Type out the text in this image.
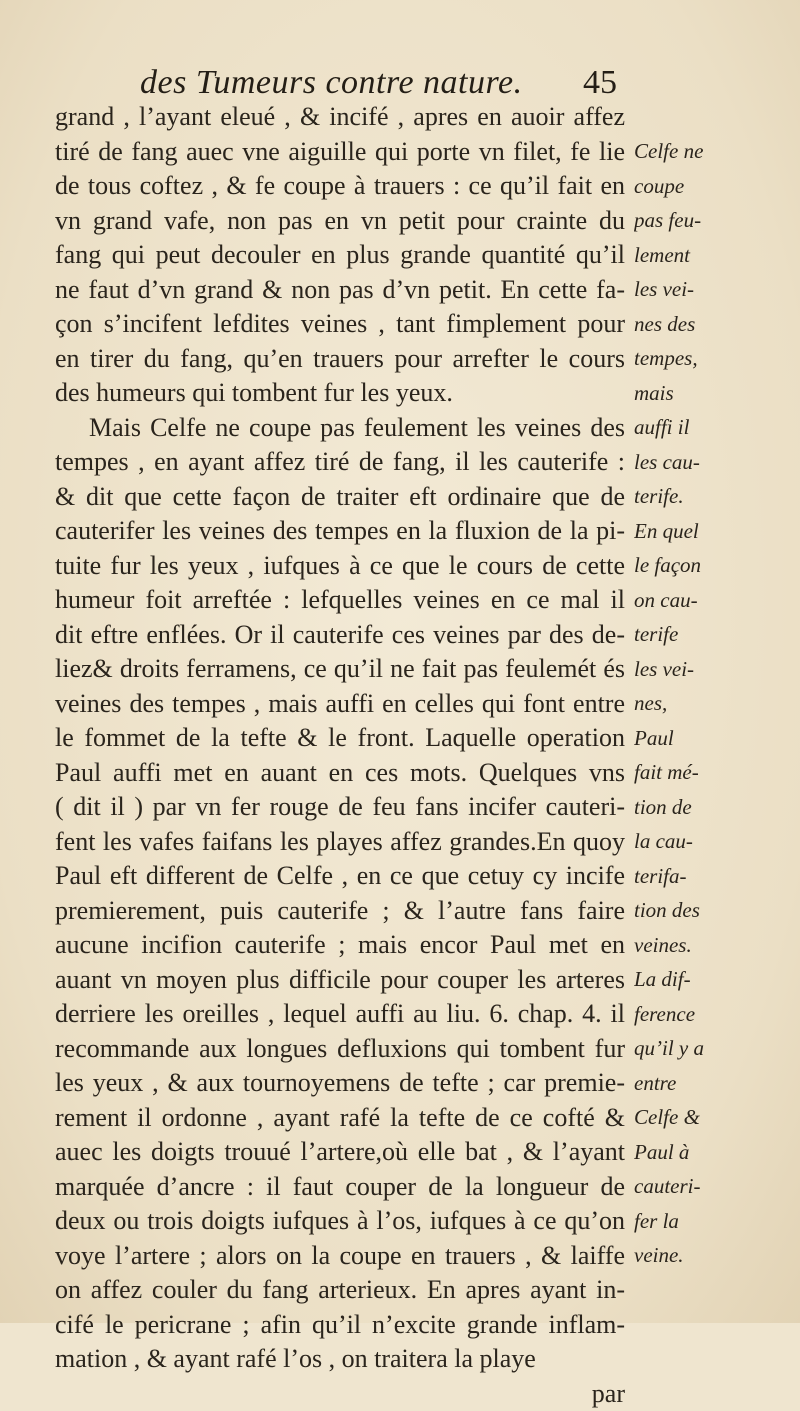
des Tumeurs contre nature. 45
grand , l’ayant eleué , & incifé , apres en auoir affez
tiré de fang auec vne aiguille qui porte vn filet, fe lie
de tous coftez , & fe coupe à trauers : ce qu’il fait en
vn grand vafe, non pas en vn petit pour crainte du
fang qui peut decouler en plus grande quantité qu’il
ne faut d’vn grand & non pas d’vn petit. En cette fa-
çon s’incifent lefdites veines , tant fimplement pour
en tirer du fang, qu’en trauers pour arrefter le cours
des humeurs qui tombent fur les yeux.
Mais Celfe ne coupe pas feulement les veines des
tempes , en ayant affez tiré de fang, il les cauterife :
& dit que cette façon de traiter eft ordinaire que de
cauterifer les veines des tempes en la fluxion de la pi-
tuite fur les yeux , iufques à ce que le cours de cette
humeur foit arreftée : lefquelles veines en ce mal il
dit eftre enflées. Or il cauterife ces veines par des de-
liez& droits ferramens, ce qu’il ne fait pas feulemét és
veines des tempes , mais auffi en celles qui font entre
le fommet de la tefte & le front. Laquelle operation
Paul auffi met en auant en ces mots. Quelques vns
( dit il ) par vn fer rouge de feu fans incifer cauteri-
fent les vafes faifans les playes affez grandes.En quoy
Paul eft different de Celfe , en ce que cetuy cy incife
premierement, puis cauterife ; & l’autre fans faire
aucune incifion cauterife ; mais encor Paul met en
auant vn moyen plus difficile pour couper les arteres
derriere les oreilles , lequel auffi au liu. 6. chap. 4. il
recommande aux longues defluxions qui tombent fur
les yeux , & aux tournoyemens de tefte ; car premie-
rement il ordonne , ayant rafé la tefte de ce cofté &
auec les doigts trouué l’artere,où elle bat , & l’ayant
marquée d’ancre : il faut couper de la longueur de
deux ou trois doigts iufques à l’os, iufques à ce qu’on
voye l’artere ; alors on la coupe en trauers , & laiffe
on affez couler du fang arterieux. En apres ayant in-
cifé le pericrane ; afin qu’il n’excite grande inflam-
mation , & ayant rafé l’os , on traitera la playe
par
Celfe ne
coupe
pas feu-
lement
les vei-
nes des
tempes,
mais
auffi il
les cau-
terife.
En quel
le façon
on cau-
terife
les vei-
nes,
Paul
fait mé-
tion de
la cau-
terifa-
tion des
veines.
La dif-
ference
qu’il y a
entre
Celfe &
Paul à
cauteri-
fer la
veine.
